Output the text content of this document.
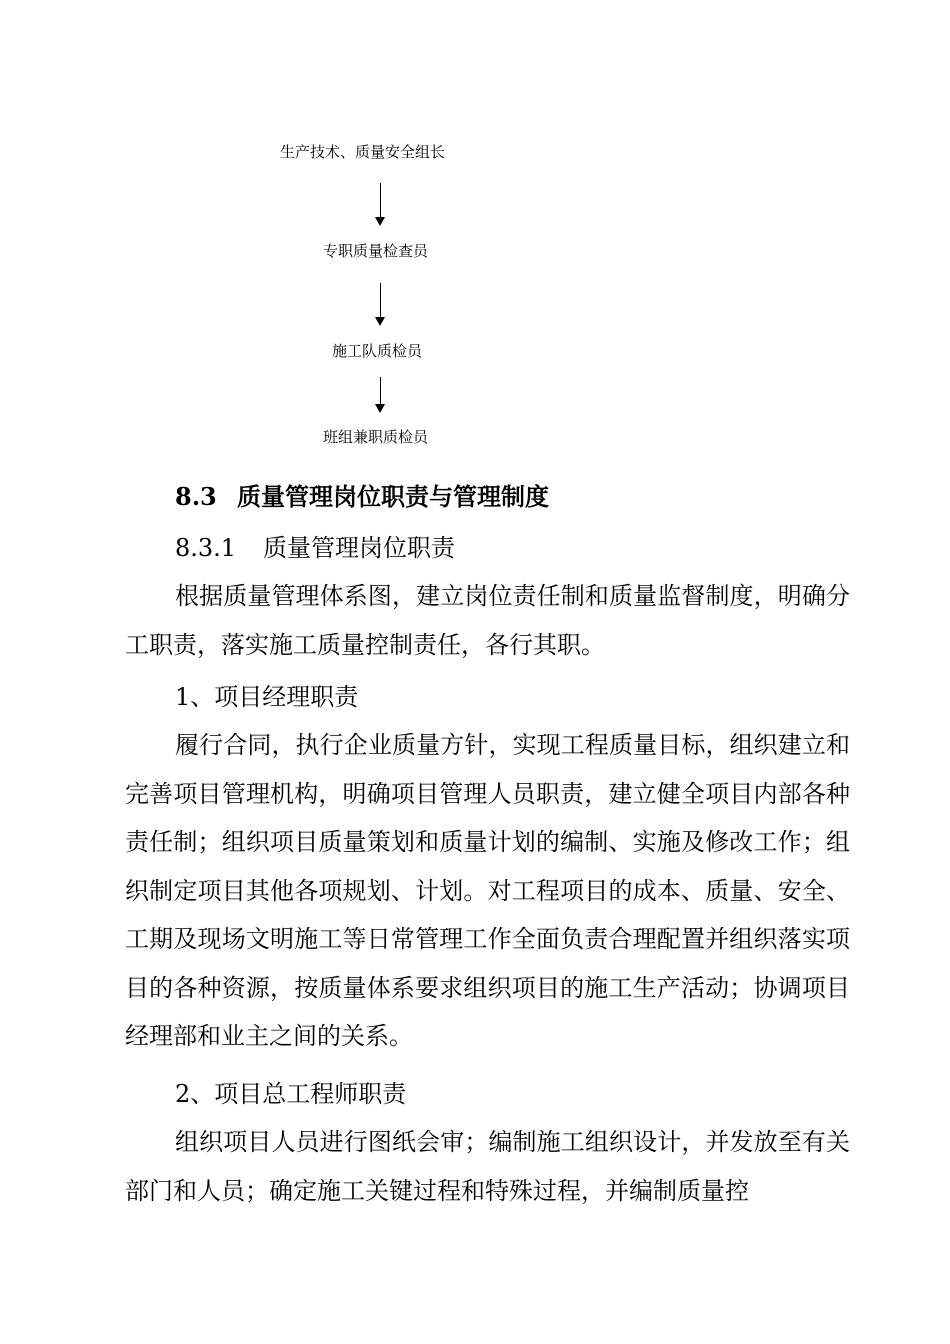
生产技术、质量安全组长
专职质量检查员
施工队质检员
班组兼职质检员
8.3 质量管理岗位职责与管理制度
8.3.1 质量管理岗位职责
根据质量管理体系图，建立岗位责任制和质量监督制度，明确分工职责，落实施工质量控制责任，各行其职。
1、项目经理职责
履行合同，执行企业质量方针，实现工程质量目标，组织建立和完善项目管理机构，明确项目管理人员职责，建立健全项目内部各种责任制；组织项目质量策划和质量计划的编制、实施及修改工作；组织制定项目其他各项规划、计划。对工程项目的成本、质量、安全、工期及现场文明施工等日常管理工作全面负责合理配置并组织落实项目的各种资源，按质量体系要求组织项目的施工生产活动；协调项目经理部和业主之间的关系。
2、项目总工程师职责
组织项目人员进行图纸会审；编制施工组织设计，并发放至有关部门和人员；确定施工关键过程和特殊过程，并编制质量控
